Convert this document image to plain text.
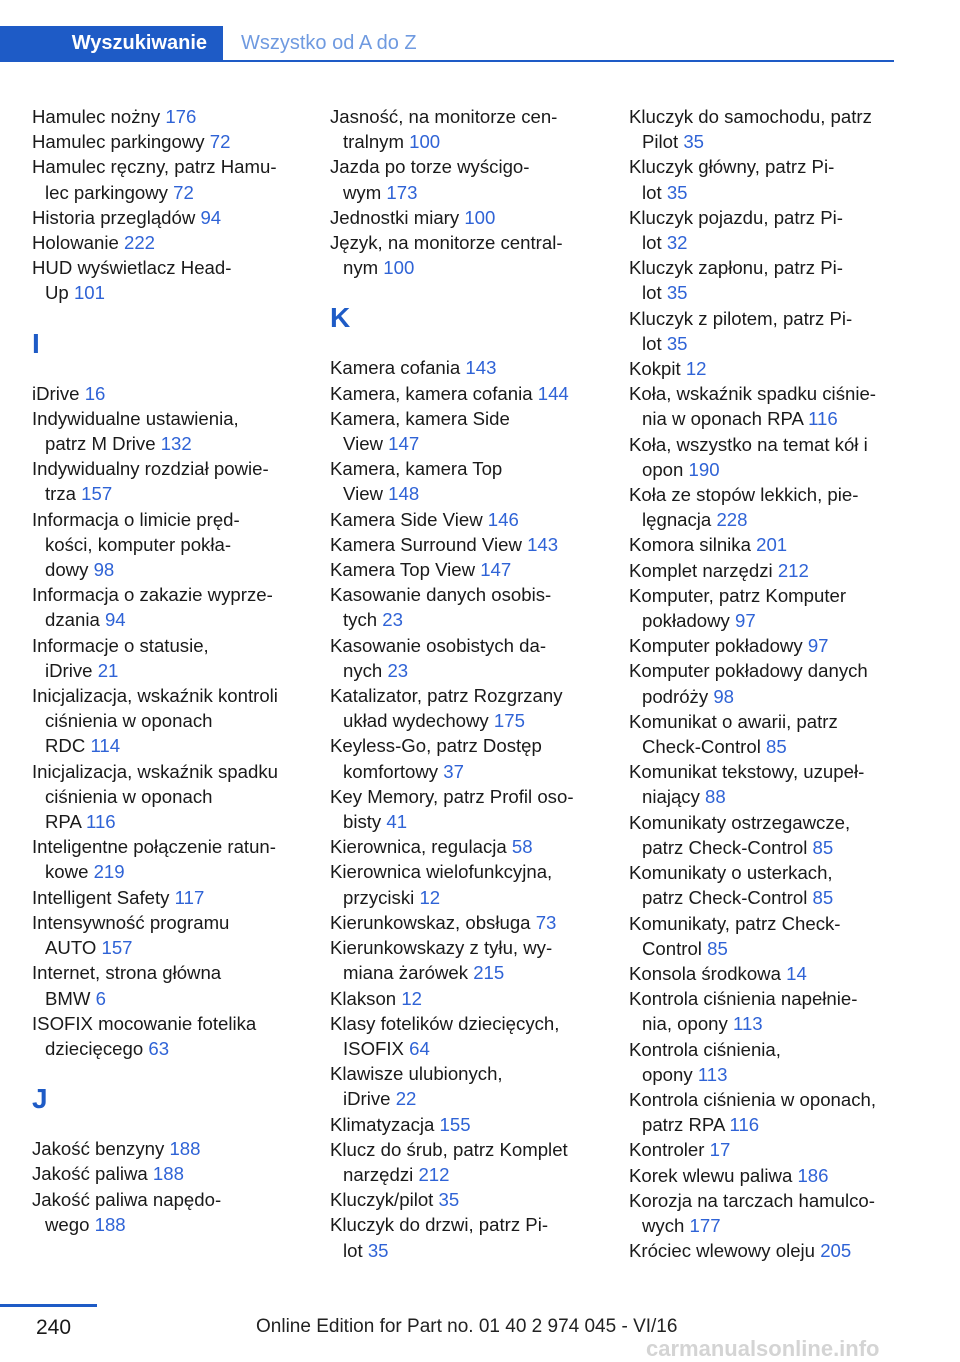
Wyszukiwanie	Wszystko od A do Z
Hamulec nożny 176
Hamulec parkingowy 72
Hamulec ręczny, patrz Hamu‐
lec parkingowy 72
Historia przeglądów 94
Holowanie 222
HUD wyświetlacz Head-
Up 101
I
iDrive 16
Indywidualne ustawienia,
patrz M Drive 132
Indywidualny rozdział powie‐
trza 157
Informacja o limicie pręd‐
kości, komputer pokła‐
dowy 98
Informacja o zakazie wyprze‐
dzania 94
Informacje o statusie,
iDrive 21
Inicjalizacja, wskaźnik kontroli
ciśnienia w oponach
RDC 114
Inicjalizacja, wskaźnik spadku
ciśnienia w oponach
RPA 116
Inteligentne połączenie ratun‐
kowe 219
Intelligent Safety 117
Intensywność programu
AUTO 157
Internet, strona główna
BMW 6
ISOFIX mocowanie fotelika
dziecięcego 63
J
Jakość benzyny 188
Jakość paliwa 188
Jakość paliwa napędo‐
wego 188
Jasność, na monitorze cen‐
tralnym 100
Jazda po torze wyścigo‐
wym 173
Jednostki miary 100
Język, na monitorze central‐
nym 100
K
Kamera cofania 143
Kamera, kamera cofania 144
Kamera, kamera Side
View 147
Kamera, kamera Top
View 148
Kamera Side View 146
Kamera Surround View 143
Kamera Top View 147
Kasowanie danych osobis‐
tych 23
Kasowanie osobistych da‐
nych 23
Katalizator, patrz Rozgrzany
układ wydechowy 175
Keyless-Go, patrz Dostęp
komfortowy 37
Key Memory, patrz Profil oso‐
bisty 41
Kierownica, regulacja 58
Kierownica wielofunkcyjna,
przyciski 12
Kierunkowskaz, obsługa 73
Kierunkowskazy z tyłu, wy‐
miana żarówek 215
Klakson 12
Klasy fotelików dziecięcych,
ISOFIX 64
Klawisze ulubionych,
iDrive 22
Klimatyzacja 155
Klucz do śrub, patrz Komplet
narzędzi 212
Kluczyk/pilot 35
Kluczyk do drzwi, patrz Pi‐
lot 35
Kluczyk do samochodu, patrz
Pilot 35
Kluczyk główny, patrz Pi‐
lot 35
Kluczyk pojazdu, patrz Pi‐
lot 32
Kluczyk zapłonu, patrz Pi‐
lot 35
Kluczyk z pilotem, patrz Pi‐
lot 35
Kokpit 12
Koła, wskaźnik spadku ciśnie‐
nia w oponach RPA 116
Koła, wszystko na temat kół i
opon 190
Koła ze stopów lekkich, pie‐
lęgnacja 228
Komora silnika 201
Komplet narzędzi 212
Komputer, patrz Komputer
pokładowy 97
Komputer pokładowy 97
Komputer pokładowy danych
podróży 98
Komunikat o awarii, patrz
Check-Control 85
Komunikat tekstowy, uzupeł‐
niający 88
Komunikaty ostrzegawcze,
patrz Check-Control 85
Komunikaty o usterkach,
patrz Check-Control 85
Komunikaty, patrz Check-
Control 85
Konsola środkowa 14
Kontrola ciśnienia napełnie‐
nia, opony 113
Kontrola ciśnienia,
opony 113
Kontrola ciśnienia w oponach,
patrz RPA 116
Kontroler 17
Korek wlewu paliwa 186
Korozja na tarczach hamulco‐
wych 177
Króciec wlewowy oleju 205
240	Online Edition for Part no. 01 40 2 974 045 - VI/16
carmanualsonline.info
